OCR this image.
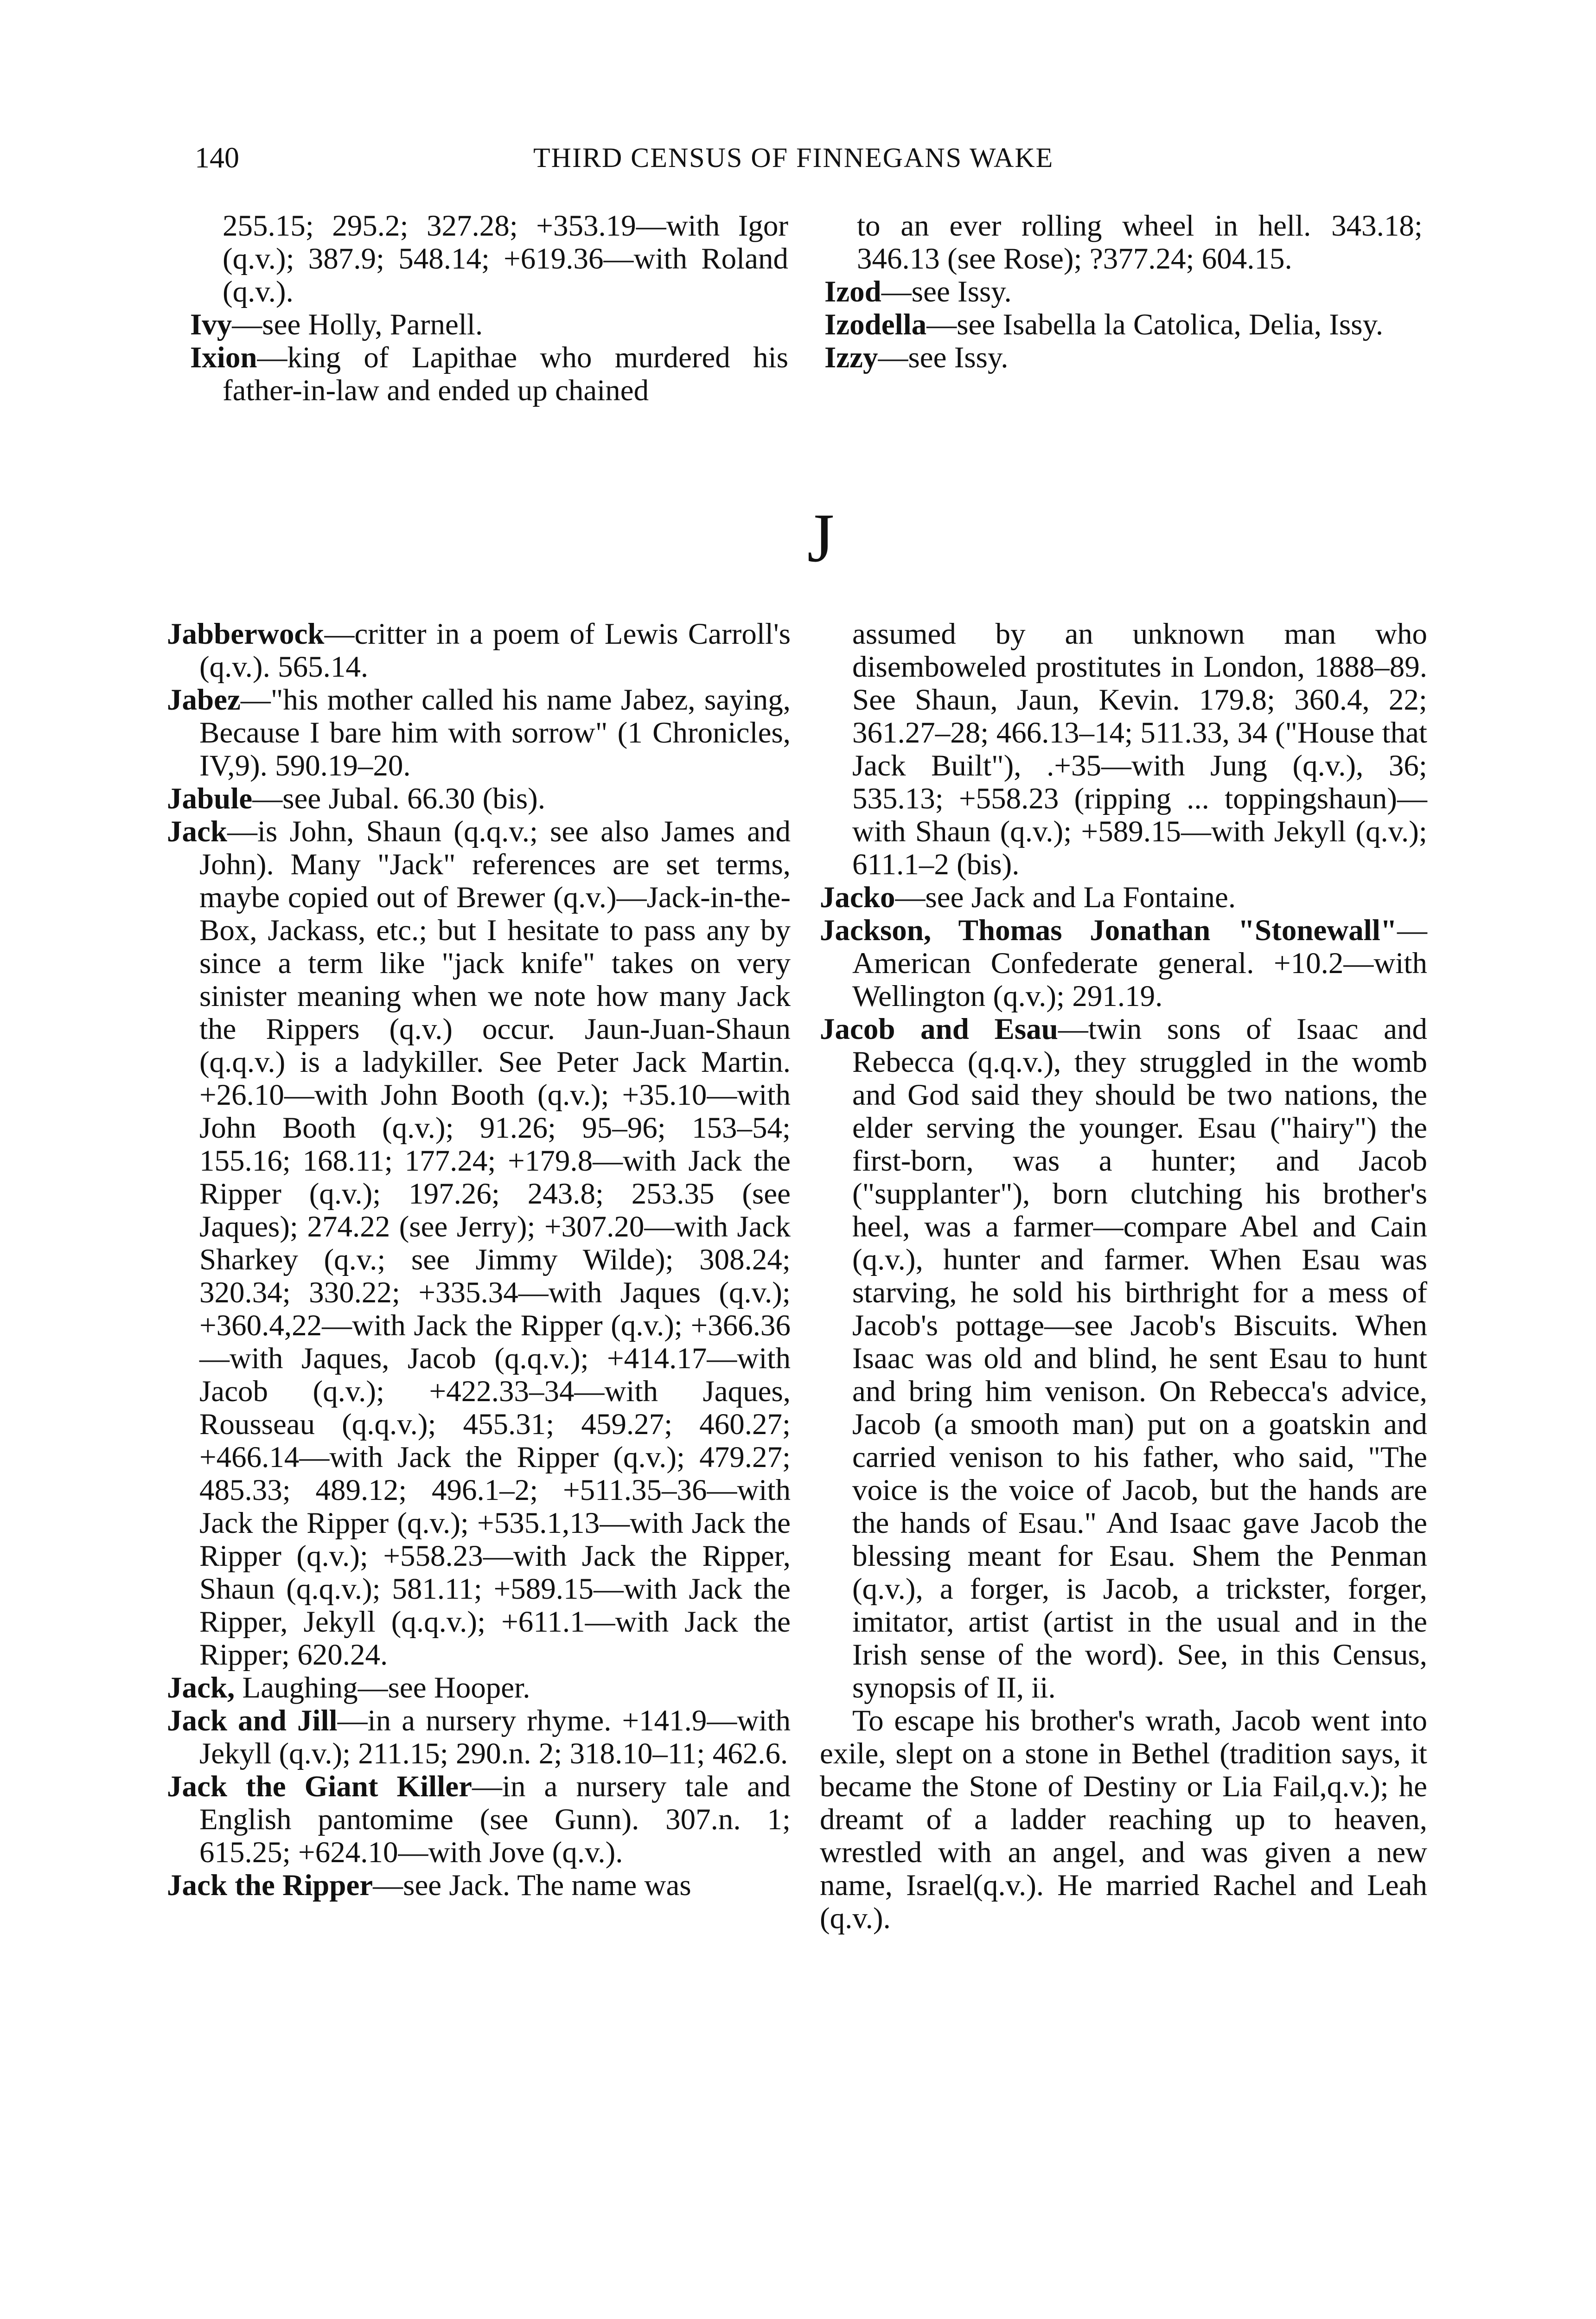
140	THIRD CENSUS OF FINNEGANS WAKE

255.15; 295.2; 327.28; +353.19—with Igor (q.v.); 387.9; 548.14; +619.36—with Roland (q.v.).

Ivy—see Holly, Parnell.

Ixion—king of Lapithae who murdered his father-in-law and ended up chained

to an ever rolling wheel in hell. 343.18; 346.13 (see Rose); ?377.24; 604.15.

Izod—see Issy.

Izodella—see Isabella la Catolica, Delia, Issy.

Izzy—see Issy.

J

Jabberwock—critter in a poem of Lewis Carroll's (q.v.). 565.14.

Jabez—"his mother called his name Jabez, saying, Because I bare him with sorrow" (1 Chronicles, IV,9). 590.19–20.

Jabule—see Jubal. 66.30 (bis).

Jack—is John, Shaun (q.q.v.; see also James and John). Many "Jack" references are set terms, maybe copied out of Brewer (q.v.)—Jack-in-the-Box, Jackass, etc.; but I hesitate to pass any by since a term like "jack knife" takes on very sinister meaning when we note how many Jack the Rippers (q.v.) occur. Jaun-Juan-Shaun (q.q.v.) is a ladykiller. See Peter Jack Martin. +26.10—with John Booth (q.v.); +35.10—with John Booth (q.v.); 91.26; 95–96; 153–54; 155.16; 168.11; 177.24; +179.8—with Jack the Ripper (q.v.); 197.26; 243.8; 253.35 (see Jaques); 274.22 (see Jerry); +307.20—with Jack Sharkey (q.v.; see Jimmy Wilde); 308.24; 320.34; 330.22; +335.34—with Jaques (q.v.); +360.4,22—with Jack the Ripper (q.v.); +366.36—with Jaques, Jacob (q.q.v.); +414.17—with Jacob (q.v.); +422.33–34—with Jaques, Rousseau (q.q.v.); 455.31; 459.27; 460.27; +466.14—with Jack the Ripper (q.v.); 479.27; 485.33; 489.12; 496.1–2; +511.35–36—with Jack the Ripper (q.v.); +535.1,13—with Jack the Ripper (q.v.); +558.23—with Jack the Ripper, Shaun (q.q.v.); 581.11; +589.15—with Jack the Ripper, Jekyll (q.q.v.); +611.1—with Jack the Ripper; 620.24.

Jack, Laughing—see Hooper.

Jack and Jill—in a nursery rhyme. +141.9—with Jekyll (q.v.); 211.15; 290.n. 2; 318.10–11; 462.6.

Jack the Giant Killer—in a nursery tale and English pantomime (see Gunn). 307.n. 1; 615.25; +624.10—with Jove (q.v.).

Jack the Ripper—see Jack. The name was

assumed by an unknown man who disemboweled prostitutes in London, 1888–89. See Shaun, Jaun, Kevin. 179.8; 360.4, 22; 361.27–28; 466.13–14; 511.33, 34 ("House that Jack Built"), .+35—with Jung (q.v.), 36; 535.13; +558.23 (ripping ... toppingshaun)—with Shaun (q.v.); +589.15—with Jekyll (q.v.); 611.1–2 (bis).

Jacko—see Jack and La Fontaine.

Jackson, Thomas Jonathan "Stonewall"—American Confederate general. +10.2—with Wellington (q.v.); 291.19.

Jacob and Esau—twin sons of Isaac and Rebecca (q.q.v.), they struggled in the womb and God said they should be two nations, the elder serving the younger. Esau ("hairy") the first-born, was a hunter; and Jacob ("supplanter"), born clutching his brother's heel, was a farmer—compare Abel and Cain (q.v.), hunter and farmer. When Esau was starving, he sold his birthright for a mess of Jacob's pottage—see Jacob's Biscuits. When Isaac was old and blind, he sent Esau to hunt and bring him venison. On Rebecca's advice, Jacob (a smooth man) put on a goatskin and carried venison to his father, who said, "The voice is the voice of Jacob, but the hands are the hands of Esau." And Isaac gave Jacob the blessing meant for Esau. Shem the Penman (q.v.), a forger, is Jacob, a trickster, forger, imitator, artist (artist in the usual and in the Irish sense of the word). See, in this Census, synopsis of II, ii.

To escape his brother's wrath, Jacob went into exile, slept on a stone in Bethel (tradition says, it became the Stone of Destiny or Lia Fail,q.v.); he dreamt of a ladder reaching up to heaven, wrestled with an angel, and was given a new name, Israel(q.v.). He married Rachel and Leah (q.v.).
